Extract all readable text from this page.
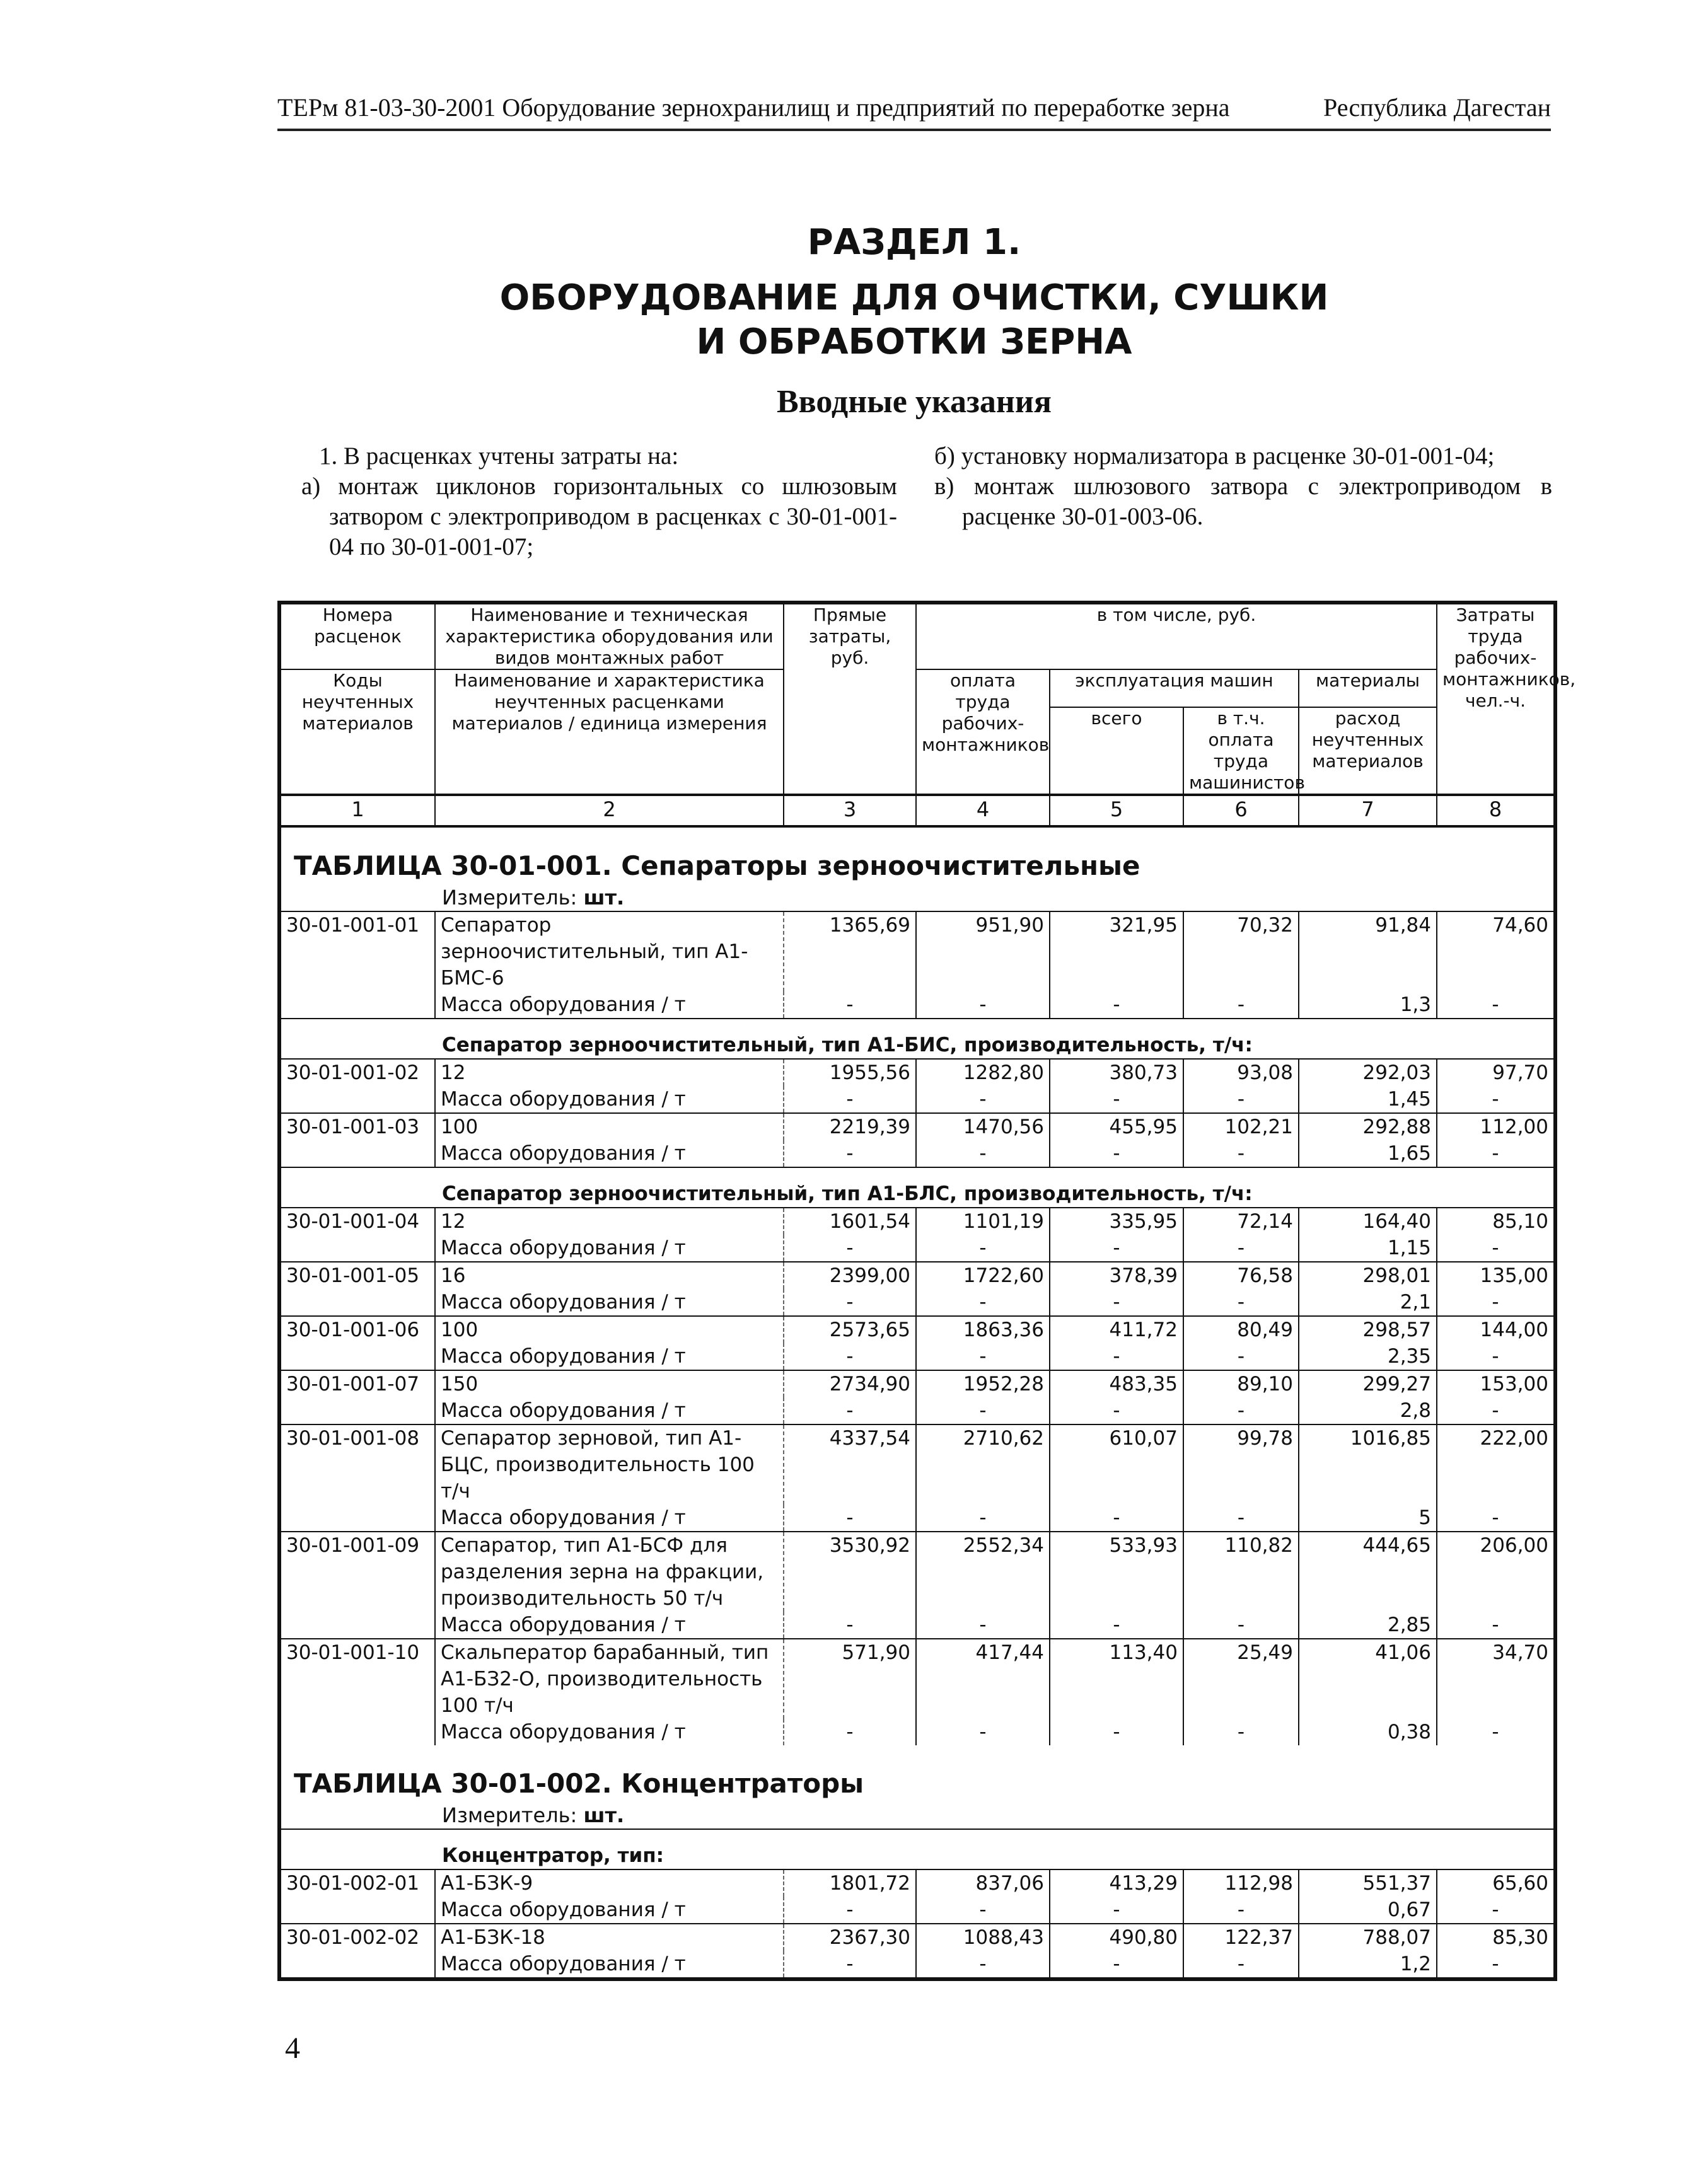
ТЕРм 81-03-30-2001 Оборудование зернохранилищ и предприятий по переработке зерна	Республика Дагестан
РАЗДЕЛ 1.
ОБОРУДОВАНИЕ ДЛЯ ОЧИСТКИ, СУШКИ
И ОБРАБОТКИ ЗЕРНА
Вводные указания

1. В расценках учтены затраты на:

а) монтаж циклонов горизонтальных со шлюзовым затвором с электроприводом в расценках с 30-01-001-04 по 30-01-001-07;

б) установку нормализатора в расценке 30-01-001-04;

в) монтаж шлюзового затвора с электроприводом в расценке 30-01-003-06.

Номера расценок	Наименование и техническая характеристика оборудования или видов монтажных работ	Прямые затраты, руб.	в том числе, руб.				Затраты труда рабочих-монтажников, чел.-ч.
Коды неучтенных материалов	Наименование и характеристика неучтенных расценками материалов / единица измерения		оплата труда рабочих-монтажников	эксплуатация машин		материалы	
				всего	в т.ч. оплата труда машинистов	расход неучтенных материалов	
1	2	3	4	5	6	7	8
ТАБЛИЦА 30-01-001. Сепараторы зерноочистительные							
Измеритель: шт.							
30-01-001-01	Сепаратор зерноочистительный, тип А1-БМС-6	1365,69	951,90	321,95	70,32	91,84	74,60
	Масса оборудования / т	-	-	-	-	1,3	-
Сепаратор зерноочистительный, тип А1-БИС, производительность, т/ч:							
30-01-001-02	12	1955,56	1282,80	380,73	93,08	292,03	97,70
	Масса оборудования / т	-	-	-	-	1,45	-
30-01-001-03	100	2219,39	1470,56	455,95	102,21	292,88	112,00
	Масса оборудования / т	-	-	-	-	1,65	-
Сепаратор зерноочистительный, тип А1-БЛС, производительность, т/ч:							
30-01-001-04	12	1601,54	1101,19	335,95	72,14	164,40	85,10
	Масса оборудования / т	-	-	-	-	1,15	-
30-01-001-05	16	2399,00	1722,60	378,39	76,58	298,01	135,00
	Масса оборудования / т	-	-	-	-	2,1	-
30-01-001-06	100	2573,65	1863,36	411,72	80,49	298,57	144,00
	Масса оборудования / т	-	-	-	-	2,35	-
30-01-001-07	150	2734,90	1952,28	483,35	89,10	299,27	153,00
	Масса оборудования / т	-	-	-	-	2,8	-
30-01-001-08	Сепаратор зерновой, тип А1-БЦС, производительность 100 т/ч	4337,54	2710,62	610,07	99,78	1016,85	222,00
	Масса оборудования / т	-	-	-	-	5	-
30-01-001-09	Сепаратор, тип А1-БСФ для разделения зерна на фракции, производительность 50 т/ч	3530,92	2552,34	533,93	110,82	444,65	206,00
	Масса оборудования / т	-	-	-	-	2,85	-
30-01-001-10	Скальператор барабанный, тип А1-БЗ2-О, производительность 100 т/ч	571,90	417,44	113,40	25,49	41,06	34,70
	Масса оборудования / т	-	-	-	-	0,38	-
ТАБЛИЦА 30-01-002. Концентраторы							
Измеритель: шт.							
Концентратор, тип:							
30-01-002-01	А1-БЗК-9	1801,72	837,06	413,29	112,98	551,37	65,60
	Масса оборудования / т	-	-	-	-	0,67	-
30-01-002-02	А1-БЗК-18	2367,30	1088,43	490,80	122,37	788,07	85,30
	Масса оборудования / т	-	-	-	-	1,2	-
4
